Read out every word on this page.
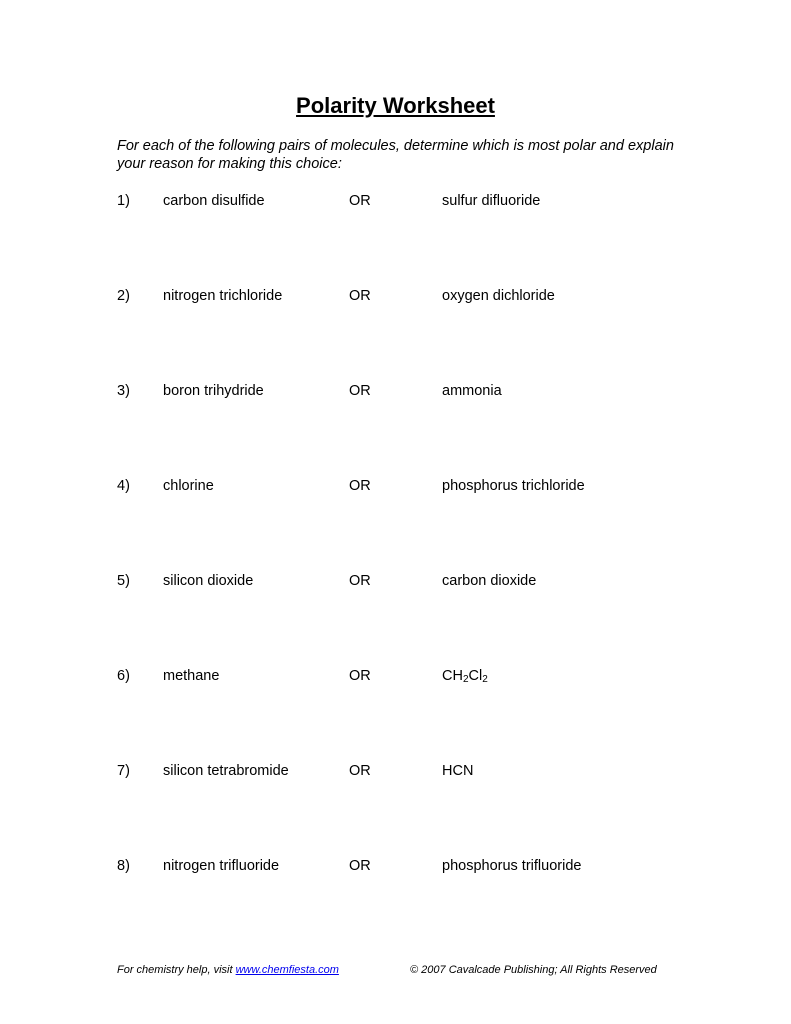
Polarity Worksheet
For each of the following pairs of molecules, determine which is most polar and explain your reason for making this choice:
1) carbon disulfide	OR	sulfur difluoride
2) nitrogen trichloride	OR	oxygen dichloride
3) boron trihydride	OR	ammonia
4) chlorine	OR	phosphorus trichloride
5) silicon dioxide	OR	carbon dioxide
6) methane	OR	$CH_2Cl_2$
7) silicon tetrabromide	OR	HCN
8) nitrogen trifluoride	OR	phosphorus trifluoride
For chemistry help, visit www.chemfiesta.com	© 2007 Cavalcade Publishing; All Rights Reserved
